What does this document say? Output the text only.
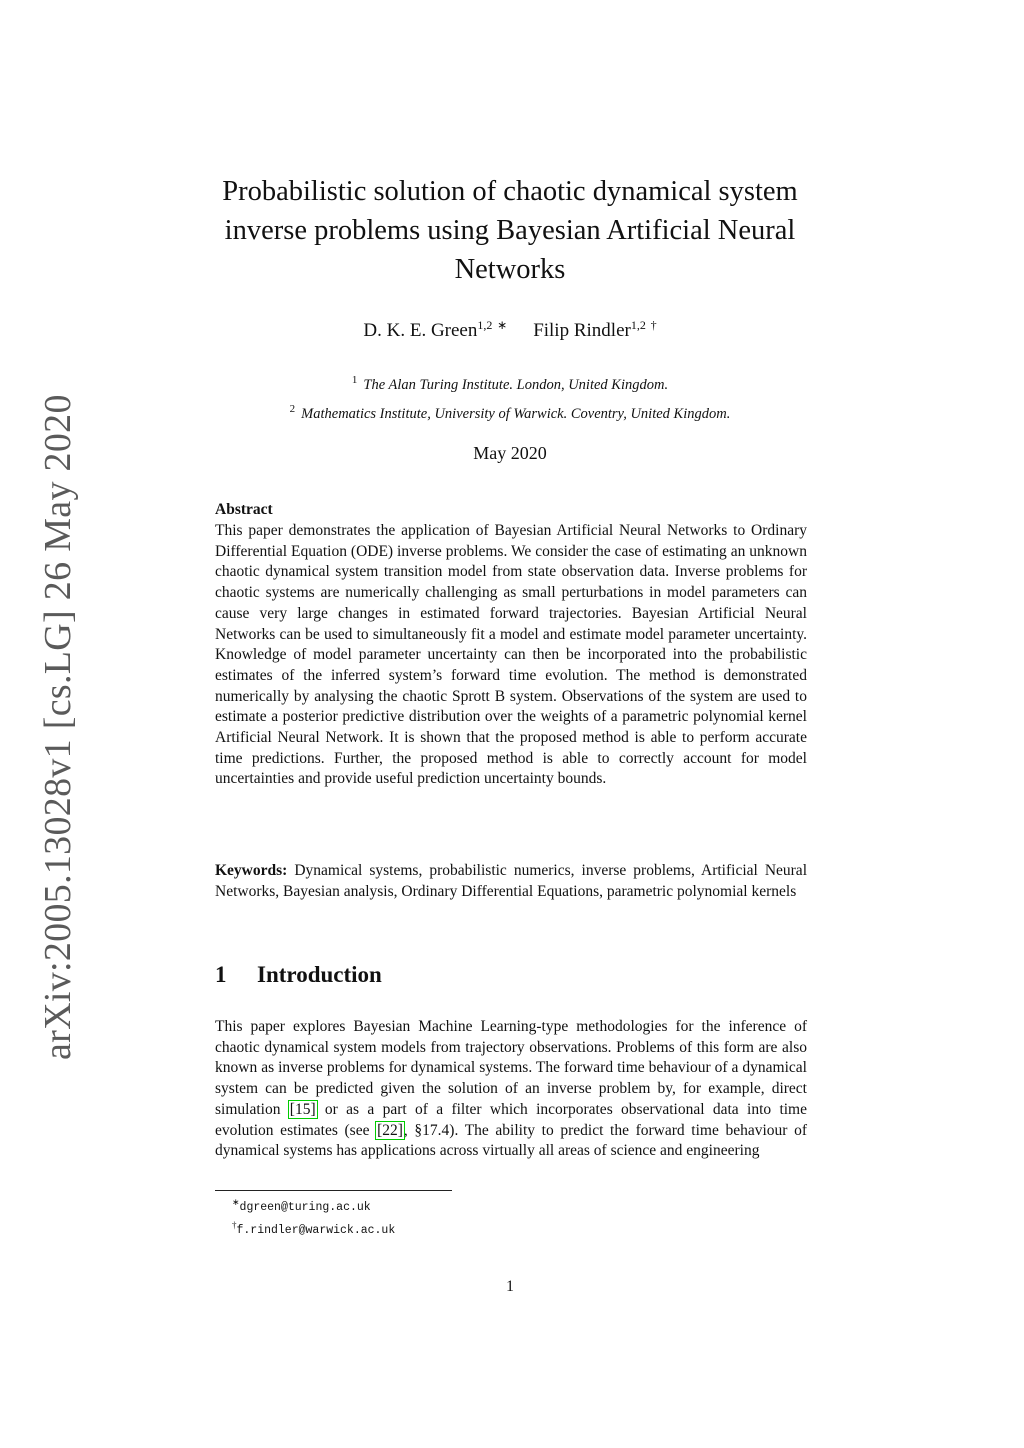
arXiv:2005.13028v1 [cs.LG] 26 May 2020
Probabilistic solution of chaotic dynamical system inverse problems using Bayesian Artificial Neural Networks
D. K. E. Green$^{1,2}$ ∗ Filip Rindler$^{1,2}$ †
$^1$ The Alan Turing Institute. London, United Kingdom.
$^2$ Mathematics Institute, University of Warwick. Coventry, United Kingdom.
May 2020
Abstract

This paper demonstrates the application of Bayesian Artificial Neural Networks to Ordinary Differential Equation (ODE) inverse problems. We consider the case of estimating an unknown chaotic dynamical system transition model from state observation data. Inverse problems for chaotic systems are numerically challenging as small perturbations in model parameters can cause very large changes in estimated forward trajectories. Bayesian Artificial Neural Networks can be used to simultaneously fit a model and estimate model parameter uncertainty. Knowledge of model parameter uncertainty can then be incorporated into the probabilistic estimates of the inferred system’s forward time evolution. The method is demonstrated numerically by analysing the chaotic Sprott B system. Observations of the system are used to estimate a posterior predictive distribution over the weights of a parametric polynomial kernel Artificial Neural Network. It is shown that the proposed method is able to perform accurate time predictions. Further, the proposed method is able to correctly account for model uncertainties and provide useful prediction uncertainty bounds.

Keywords: Dynamical systems, probabilistic numerics, inverse problems, Artificial Neural Networks, Bayesian analysis, Ordinary Differential Equations, parametric polynomial kernels

1 Introduction

This paper explores Bayesian Machine Learning-type methodologies for the inference of chaotic dynamical system models from trajectory observations. Problems of this form are also known as inverse problems for dynamical systems. The forward time behaviour of a dynamical system can be predicted given the solution of an inverse problem by, for example, direct simulation [15] or as a part of a filter which incorporates observational data into time evolution estimates (see [22], §17.4). The ability to predict the forward time behaviour of dynamical systems has applications across virtually all areas of science and engineering

∗dgreen@turing.ac.uk
†f.rindler@warwick.ac.uk
1
